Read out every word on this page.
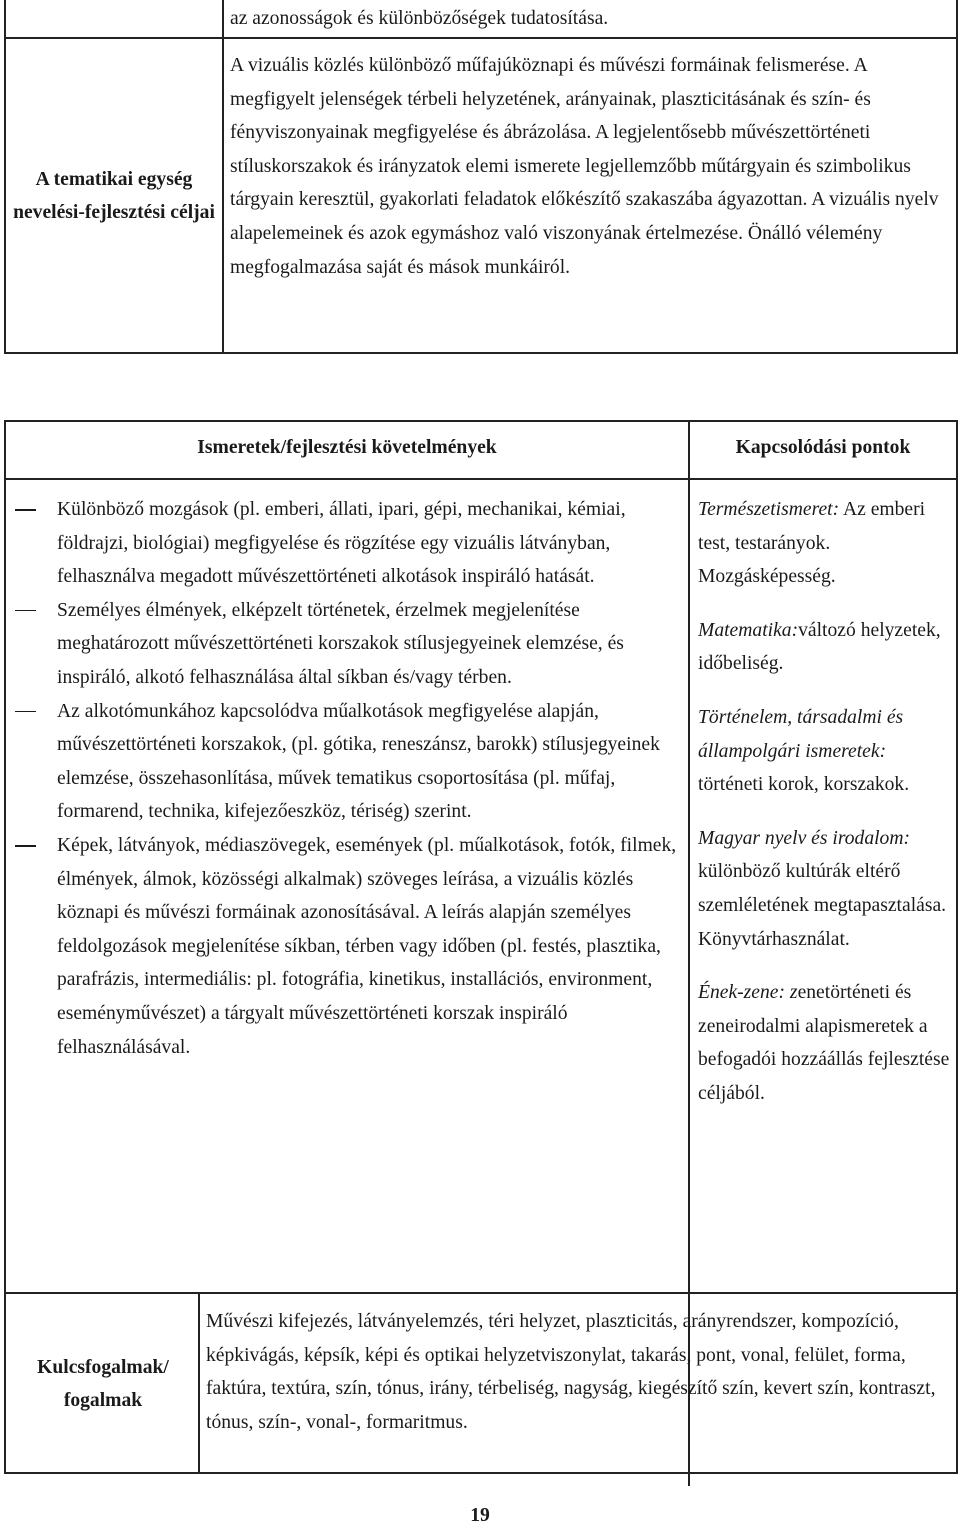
az azonosságok és különbözőségek tudatosítása.
A tematikai egység nevelési-fejlesztési céljai
A vizuális közlés különböző műfajúköznapi és művészi formáinak felismerése. A megfigyelt jelenségek térbeli helyzetének, arányainak, plaszticitásának és szín- és fényviszonyainak megfigyelése és ábrázolása. A legjelentősebb művészettörténeti stíluskorszakok és irányzatok elemi ismerete legjellemzőbb műtárgyain és szimbolikus tárgyain keresztül, gyakorlati feladatok előkészítő szakaszába ágyazottan. A vizuális nyelv alapelemeinek és azok egymáshoz való viszonyának értelmezése. Önálló vélemény megfogalmazása saját és mások munkáiról.
Ismeretek/fejlesztési követelmények	Kapcsolódási pontok
Különböző mozgások (pl. emberi, állati, ipari, gépi, mechanikai, kémiai, földrajzi, biológiai) megfigyelése és rögzítése egy vizuális látványban, felhasználva megadott művészettörténeti alkotások inspiráló hatását.
Személyes élmények, elképzelt történetek, érzelmek megjelenítése meghatározott művészettörténeti korszakok stílusjegyeinek elemzése, és inspiráló, alkotó felhasználása által síkban és/vagy térben.
Az alkotómunkához kapcsolódva műalkotások megfigyelése alapján, művészettörténeti korszakok, (pl. gótika, reneszánsz, barokk) stílusjegyeinek elemzése, összehasonlítása, művek tematikus csoportosítása (pl. műfaj, formarend, technika, kifejezőeszköz, tériség) szerint.
Képek, látványok, médiaszövegek, események (pl. műalkotások, fotók, filmek, élmények, álmok, közösségi alkalmak) szöveges leírása, a vizuális közlés köznapi és művészi formáinak azonosításával. A leírás alapján személyes feldolgozások megjelenítése síkban, térben vagy időben (pl. festés, plasztika, parafrázis, intermediális: pl. fotográfia, kinetikus, installációs, environment, eseményművészet) a tárgyalt művészettörténeti korszak inspiráló felhasználásával.

Természetismeret: Az emberi test, testarányok. Mozgásképesség.

Matematika:változó helyzetek, időbeliség.

Történelem, társadalmi és állampolgári ismeretek: történeti korok, korszakok.

Magyar nyelv és irodalom: különböző kultúrák eltérő szemléletének megtapasztalása. Könyvtárhasználat.

Ének-zene: zenetörténeti és zeneirodalmi alapismeretek a befogadói hozzáállás fejlesztése céljából.

Kulcsfogalmak/ fogalmak
Művészi kifejezés, látványelemzés, téri helyzet, plaszticitás, arányrendszer, kompozíció, képkivágás, képsík, képi és optikai helyzetviszonylat, takarás, pont, vonal, felület, forma, faktúra, textúra, szín, tónus, irány, térbeliség, nagyság, kiegészítő szín, kevert szín, kontraszt, tónus, szín-, vonal-, formaritmus.
19
